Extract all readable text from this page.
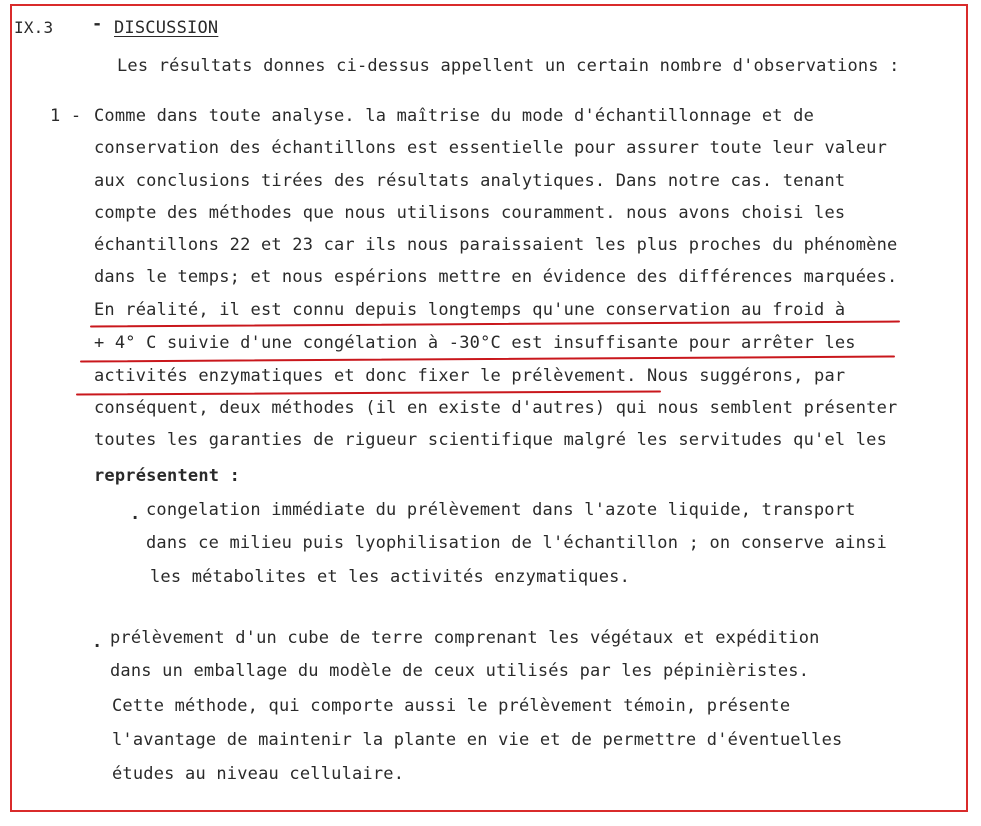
IX.3 - DISCUSSION
Les résultats donnes ci-dessus appellent un certain nombre d'observations :
1 - Comme dans toute analyse. la maîtrise du mode d'échantillonnage et de
conservation des échantillons est essentielle pour assurer toute leur valeur
aux conclusions tirées des résultats analytiques. Dans notre cas. tenant
compte des méthodes que nous utilisons couramment. nous avons choisi les
échantillons 22 et 23 car ils nous paraissaient les plus proches du phénomène
dans le temps; et nous espérions mettre en évidence des différences marquées.
En réalité, il est connu depuis longtemps qu'une conservation au froid à
+ 4° C suivie d'une congélation à -30°C est insuffisante pour arrêter les
activités enzymatiques et donc fixer le prélèvement. Nous suggérons, par
conséquent, deux méthodes (il en existe d'autres) qui nous semblent présenter
toutes les garanties de rigueur scientifique malgré les servitudes qu'el les
représentent :
. congelation immédiate du prélèvement dans l'azote liquide, transport
dans ce milieu puis lyophilisation de l'échantillon ; on conserve ainsi
les métabolites et les activités enzymatiques.
. prélèvement d'un cube de terre comprenant les végétaux et expédition
dans un emballage du modèle de ceux utilisés par les pépinièristes.
Cette méthode, qui comporte aussi le prélèvement témoin, présente
l'avantage de maintenir la plante en vie et de permettre d'éventuelles
études au niveau cellulaire.
